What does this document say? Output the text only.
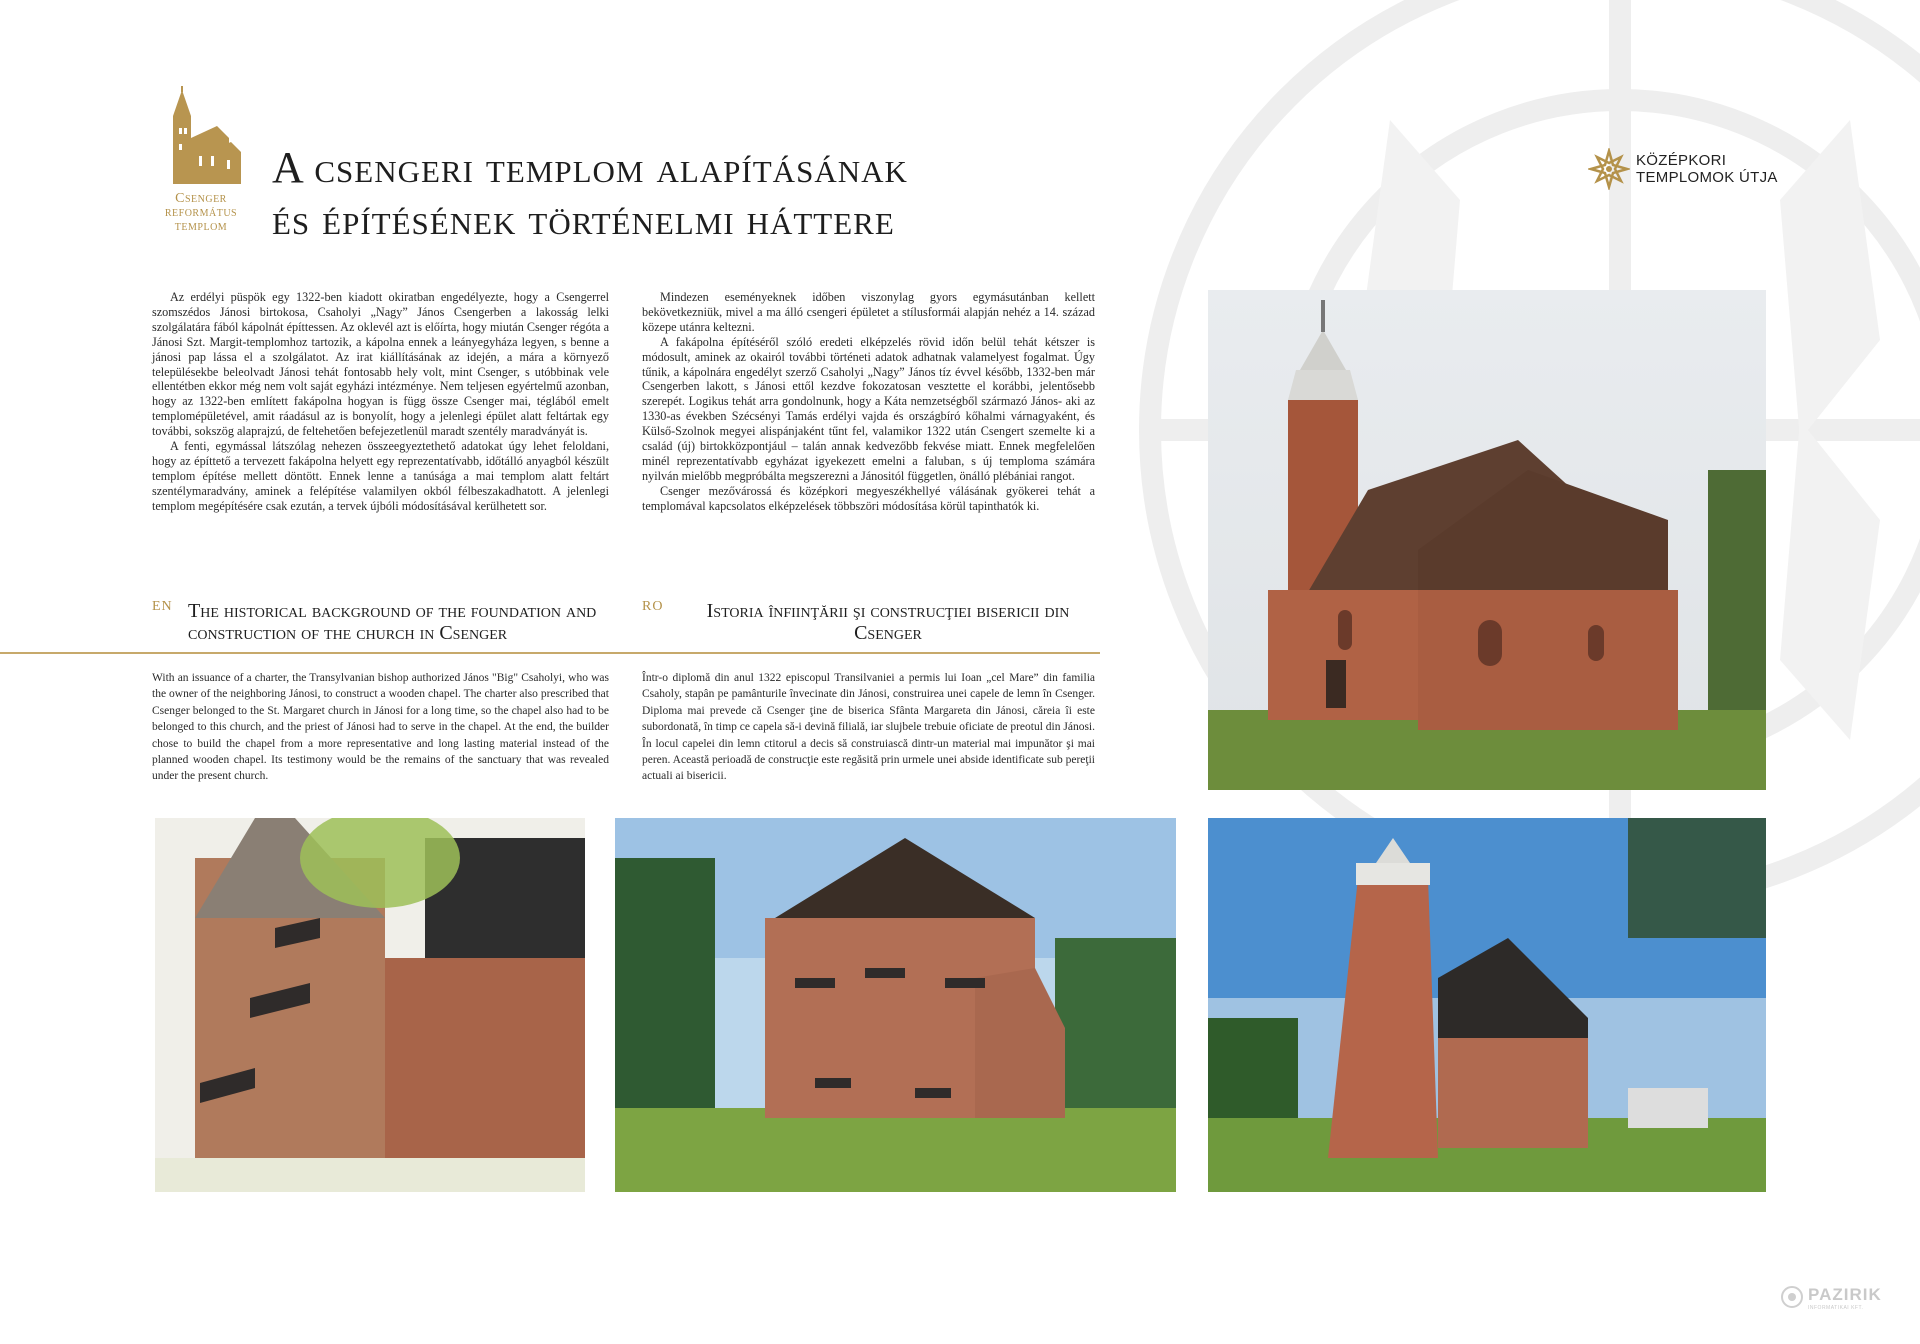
Csenger
református
templom
A csengeri templom alapításának
és építésének történelmi háttere
KÖZÉPKORI
TEMPLOMOK ÚTJA

Az erdélyi püspök egy 1322-ben kiadott okiratban engedélyezte, hogy a Csengerrel szomszédos Jánosi birtokosa, Csaholyi „Nagy” János Csengerben a lakosság lelki szolgálatára fából kápolnát építtessen. Az oklevél azt is előírta, hogy miután Csenger régóta a Jánosi Szt. Margit-templomhoz tartozik, a kápolna ennek a leányegyháza legyen, s benne a jánosi pap lássa el a szolgálatot. Az irat kiállításának az idején, a mára a környező településekbe beleolvadt Jánosi tehát fontosabb hely volt, mint Csenger, s utóbbinak vele ellentétben ekkor még nem volt saját egyházi intézménye. Nem teljesen egyértelmű azonban, hogy az 1322-ben említett fakápolna hogyan is függ össze Csenger mai, téglából emelt templomépületével, amit ráadásul az is bonyolít, hogy a jelenlegi épület alatt feltártak egy további, sokszög alaprajzú, de feltehetően befejezetlenül maradt szentély maradványát is.

A fenti, egymással látszólag nehezen összeegyeztethető adatokat úgy lehet feloldani, hogy az építtető a tervezett fakápolna helyett egy reprezentatívabb, időtálló anyagból készült templom építése mellett döntött. Ennek lenne a tanúsága a mai templom alatt feltárt szentélymaradvány, aminek a felépítése valamilyen okból félbeszakadhatott. A jelenlegi templom megépítésére csak ezután, a tervek újbóli módosításával kerülhetett sor.

Mindezen eseményeknek időben viszonylag gyors egymásutánban kellett bekövetkezniük, mivel a ma álló csengeri épületet a stílusformái alapján nehéz a 14. század közepe utánra keltezni.

A fakápolna építéséről szóló eredeti elképzelés rövid időn belül tehát kétszer is módosult, aminek az okairól további történeti adatok adhatnak valamelyest fogalmat. Úgy tűnik, a kápolnára engedélyt szerző Csaholyi „Nagy” János tíz évvel később, 1332-ben már Csengerben lakott, s Jánosi ettől kezdve fokozatosan vesztette el korábbi, jelentősebb szerepét. Logikus tehát arra gondolnunk, hogy a Káta nemzetségből származó János- aki az 1330-as években Szécsényi Tamás erdélyi vajda és országbíró kőhalmi várnagyaként, és Külső-Szolnok megyei alispánjaként tűnt fel, valamikor 1322 után Csengert szemelte ki a család (új) birtokközpontjául – talán annak kedvezőbb fekvése miatt. Ennek megfelelően minél reprezentatívabb egyházat igyekezett emelni a faluban, s új temploma számára nyilván mielőbb megpróbálta megszerezni a Jánositól független, önálló plébániai rangot.

Csenger mezővárossá és középkori megyeszékhellyé válásának gyökerei tehát a templomával kapcsolatos elképzelések többszöri módosítása körül tapinthatók ki.

EN The historical background of the foundation and construction of the church in Csenger
RO	Istoria înfiinţării şi construcţiei bisericii din Csenger

With an issuance of a charter, the Transylvanian bishop authorized János "Big" Csaholyi, who was the owner of the neighboring Jánosi, to construct a wooden chapel. The charter also prescribed that Csenger belonged to the St. Margaret church in Jánosi for a long time, so the chapel also had to be belonged to this church, and the priest of Jánosi had to serve in the chapel. At the end, the builder chose to build the chapel from a more representative and long lasting material instead of the planned wooden chapel. Its testimony would be the remains of the sanctuary that was revealed under the present church.

Într-o diplomă din anul 1322 episcopul Transilvaniei a permis lui Ioan „cel Mare” din familia Csaholy, stapân pe pamânturile învecinate din Jánosi, construirea unei capele de lemn în Csenger. Diploma mai prevede că Csenger ţine de biserica Sfânta Margareta din Jánosi, căreia îi este subordonată, în timp ce capela să-i devină filială, iar slujbele trebuie oficiate de preotul din Jánosi. În locul capelei din lemn ctitorul a decis să construiască dintr-un material mai impunător şi mai peren. Această perioadă de construcţie este regăsită prin urmele unei abside identificate sub pereţii actuali ai bisericii.

PAZIRIK
INFORMATIKAI KFT.
